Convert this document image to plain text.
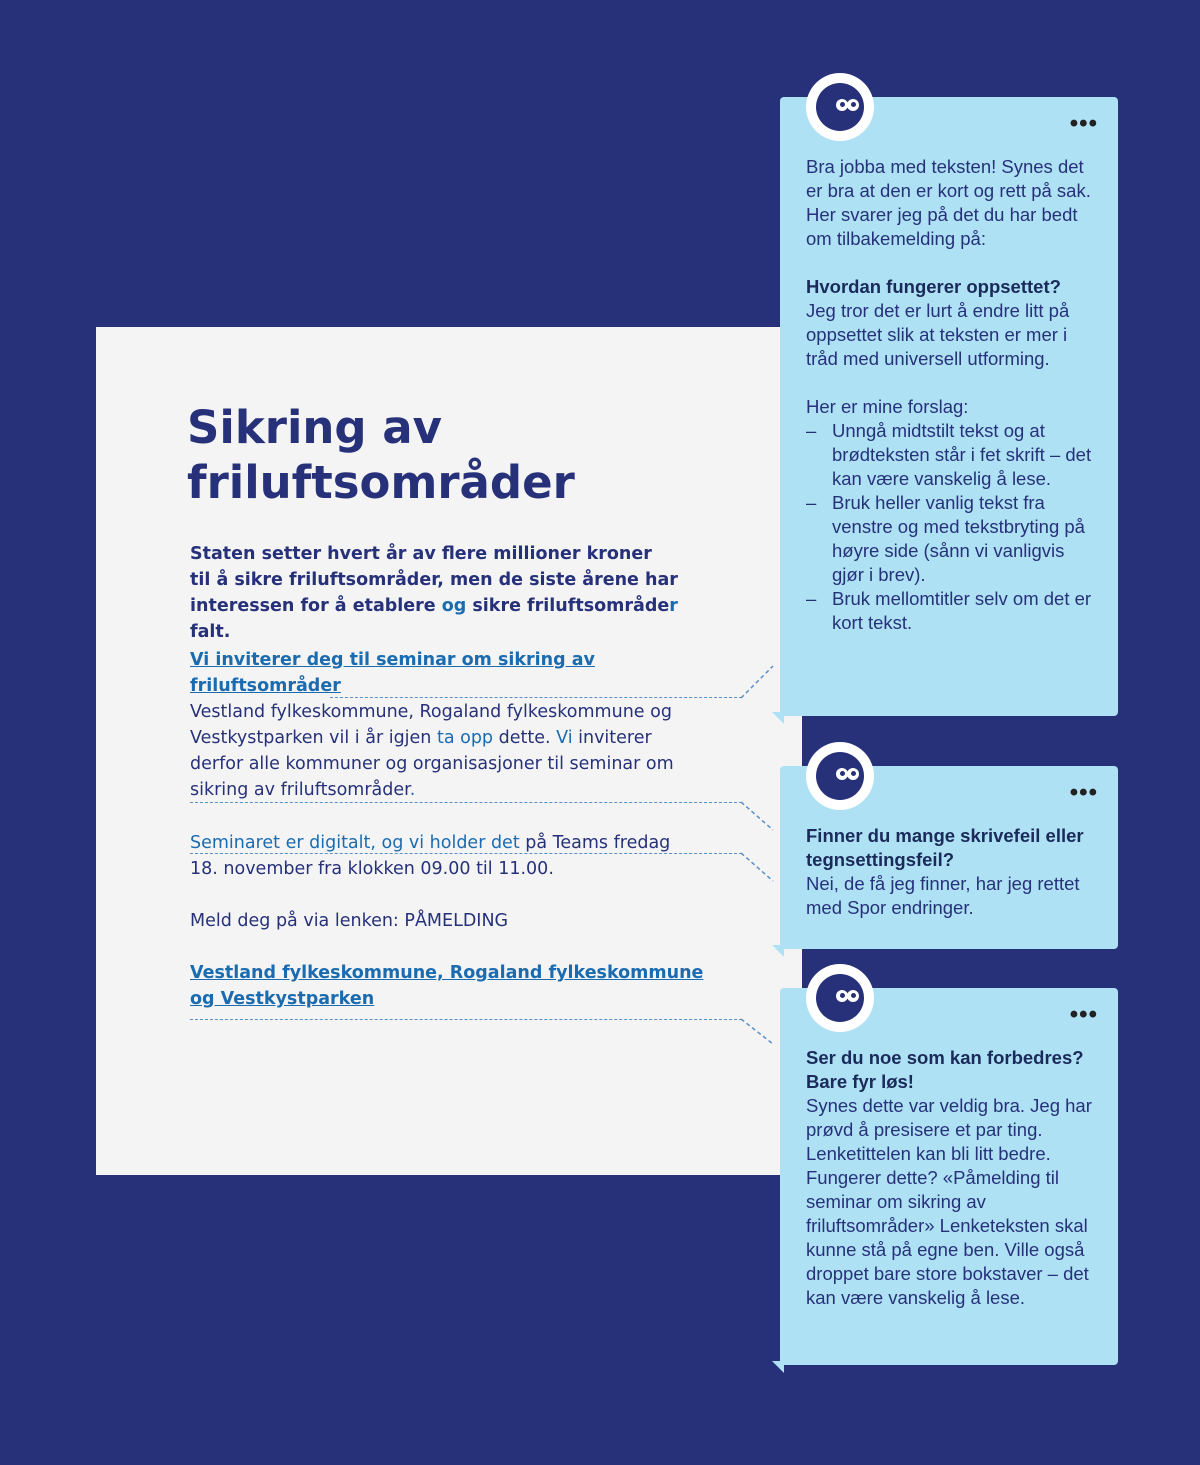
Sikring av
friluftsområder

Staten setter hvert år av flere millioner kroner
til å sikre friluftsområder, men de siste årene har
interessen for å etablere og sikre friluftsområder falt.

Vi inviterer deg til seminar om sikring av
friluftsområder

Vestland fylkeskommune, Rogaland fylkeskommune og
Vestkystparken vil i år igjen ta opp dette. Vi inviterer
derfor alle kommuner og organisasjoner til seminar om
sikring av friluftsområder.

Seminaret er digitalt, og vi holder det på Teams fredag
18. november fra klokken 09.00 til 11.00.

Meld deg på via lenken: PÅMELDING

Vestland fylkeskommune, Rogaland fylkeskommune
og Vestkystparken

•••

Bra jobba med teksten! Synes det er bra at den er kort og rett på sak. Her svarer jeg på det du har bedt om tilbakemelding på:

Hvordan fungerer oppsettet?

Jeg tror det er lurt å endre litt på oppsettet slik at teksten er mer i tråd med universell utforming.

Her er mine forslag:

– Unngå midtstilt tekst og at brødteksten står i fet skrift – det kan være vanskelig å lese.
– Bruk heller vanlig tekst fra venstre og med tekstbryting på høyre side (sånn vi vanligvis gjør i brev).
– Bruk mellomtitler selv om det er kort tekst.
•••

Finner du mange skrivefeil eller tegnsettingsfeil?

Nei, de få jeg finner, har jeg rettet med Spor endringer.

•••

Ser du noe som kan forbedres? Bare fyr løs!

Synes dette var veldig bra. Jeg har prøvd å presisere et par ting. Lenketittelen kan bli litt bedre. Fungerer dette? «Påmelding til seminar om sikring av friluftsområder» Lenketeksten skal kunne stå på egne ben. Ville også droppet bare store bokstaver – det kan være vanskelig å lese.
